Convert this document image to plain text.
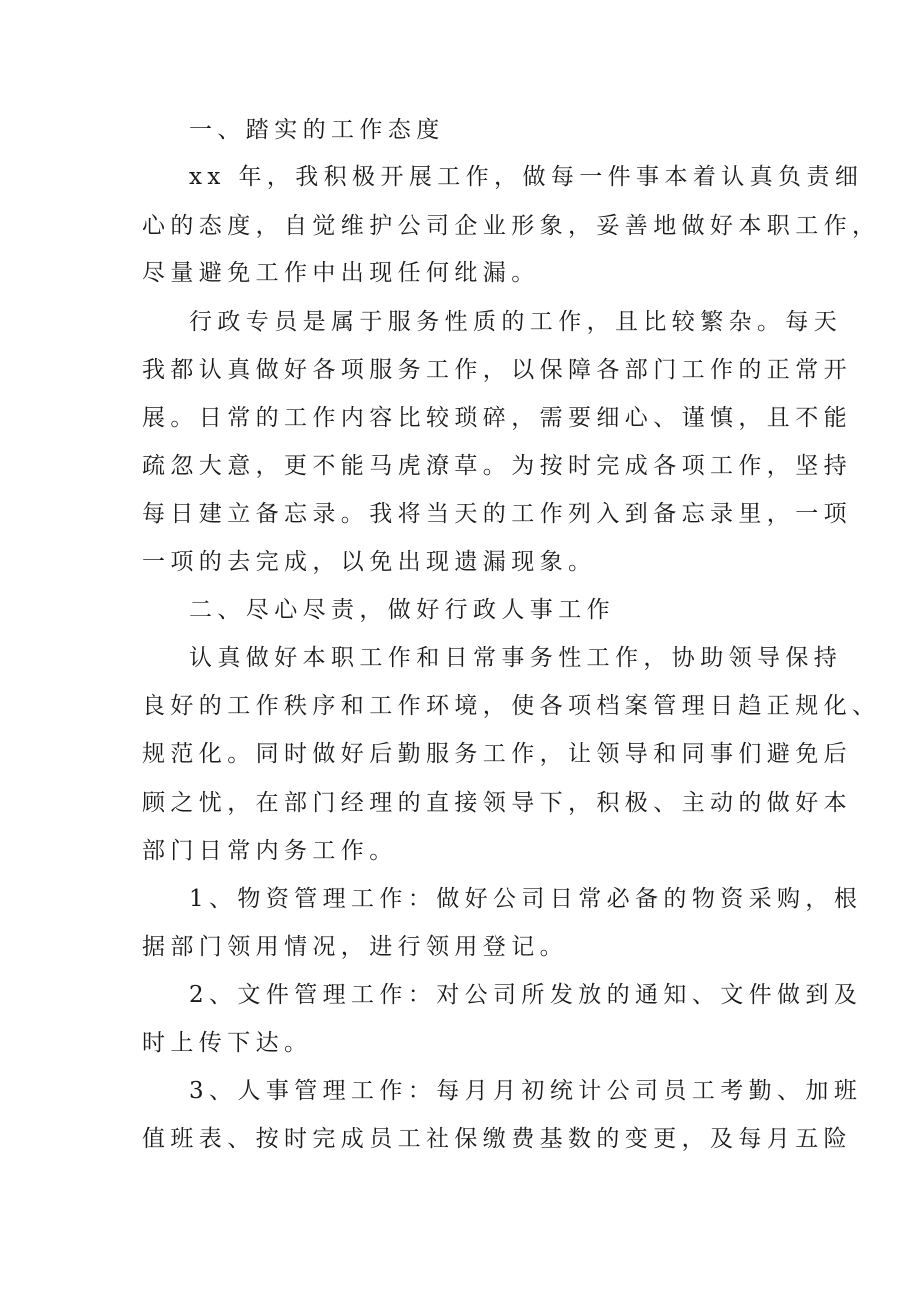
一、踏实的工作态度

xx 年，我积极开展工作，做每一件事本着认真负责细

心的态度，自觉维护公司企业形象，妥善地做好本职工作，

尽量避免工作中出现任何纰漏。

行政专员是属于服务性质的工作，且比较繁杂。每天

我都认真做好各项服务工作，以保障各部门工作的正常开

展。日常的工作内容比较琐碎，需要细心、谨慎，且不能

疏忽大意，更不能马虎潦草。为按时完成各项工作，坚持

每日建立备忘录。我将当天的工作列入到备忘录里，一项

一项的去完成，以免出现遗漏现象。

二、尽心尽责，做好行政人事工作

认真做好本职工作和日常事务性工作，协助领导保持

良好的工作秩序和工作环境，使各项档案管理日趋正规化、

规范化。同时做好后勤服务工作，让领导和同事们避免后

顾之忧，在部门经理的直接领导下，积极、主动的做好本

部门日常内务工作。

1、物资管理工作：做好公司日常必备的物资采购，根

据部门领用情况，进行领用登记。

2、文件管理工作：对公司所发放的通知、文件做到及

时上传下达。

3、人事管理工作：每月月初统计公司员工考勤、加班

值班表、按时完成员工社保缴费基数的变更，及每月五险
